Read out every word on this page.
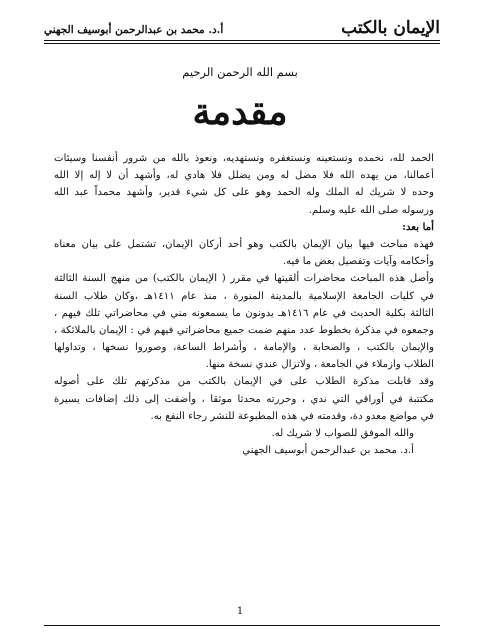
الإيمان بالكتب
أ.د. محمد بن عبدالرحمن أبوسيف الجهني
بسم الله الرحمن الرحيم
مقدمة
الحمد لله، نحمده ونستعينه ونستغفره ونستهديه، ونعوذ بالله من شرور أنفسنا وسيئات
أعمالنا، من يهده الله فلا مضل له ومن يضلل فلا هادي له، وأشهد أن لا إله إلا الله
وحده لا شريك له الملك وله الحمد وهو على كل شيء قدير، وأشهد محمداً عبد الله
ورسوله صلى الله عليه وسلم.
أما بعد:
فهذه مباحث فيها بيان الإيمان بالكتب وهو أحد أركان الإيمان، تشتمل على بيان معناه
وأحكامه وآيات وتفصيل بعض ما فيه.
وأصل هذه المباحث محاضرات ألقيتها في مقرر ( الإيمان بالكتب) من منهج السنة الثالثة
في كليات الجامعة الإسلامية بالمدينة المنورة ، منذ عام ١٤١١هـ ،وكان طلاب السنة
الثالثة بكلية الحديث في عام ١٤١٦هـ يدونون ما يسمعونه مني في محاضراتي تلك فيهم ،
وجمعوه في مذكرة بخطوط عدد منهم ضمت جميع محاضراتي فيهم في : الإيمان بالملائكة ،
والإيمان بالكتب ، والصحابة ، والإمامة ، وأشراط الساعة، وصوروا نسخها ، وتداولها
الطلاب وازملاء في الجامعة ، ولاتزال عندي نسخة منها.
وقد قابلت مذكرة الطلاب على في الإيمان بالكتب من مذكرتهم تلك على أصوله
مكتتبة في أوراقي التي ندي ، وحررته محدثا موثقا ، وأضفت إلى ذلك إضافات يسيرة
في مواضع معدو دة، وقدمته في هذه المطبوعة للنشر رجاء النفع به.
والله الموفق للصواب لا شريك له.
أ.د. محمد بن عبدالرحمن أبوسيف الجهني
1
